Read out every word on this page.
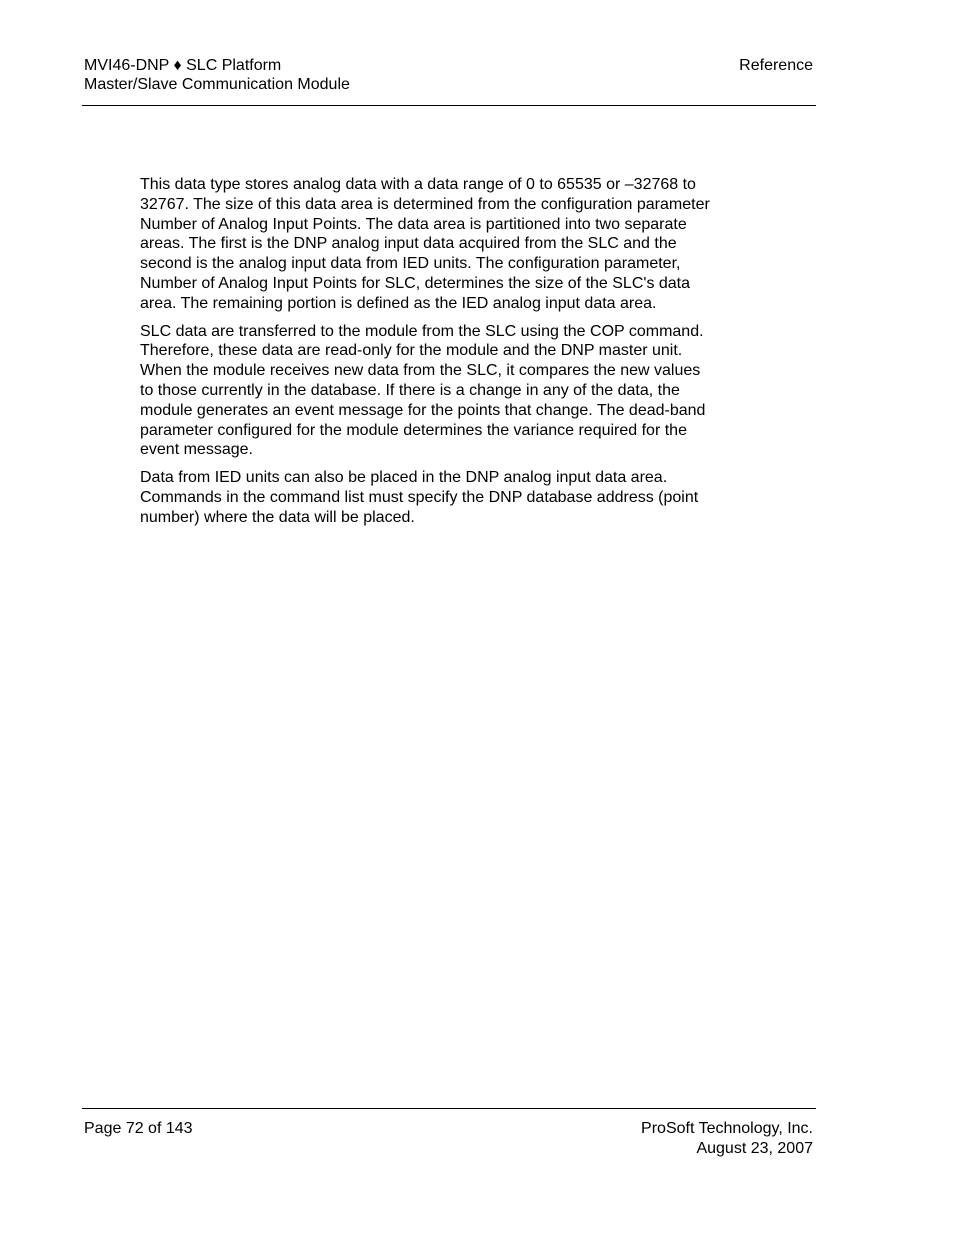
MVI46-DNP ♦ SLC Platform
Master/Slave Communication Module
Reference

This data type stores analog data with a data range of 0 to 65535 or –32768 to
32767. The size of this data area is determined from the configuration parameter
Number of Analog Input Points. The data area is partitioned into two separate
areas. The first is the DNP analog input data acquired from the SLC and the
second is the analog input data from IED units. The configuration parameter,
Number of Analog Input Points for SLC, determines the size of the SLC's data
area. The remaining portion is defined as the IED analog input data area.

SLC data are transferred to the module from the SLC using the COP command.
Therefore, these data are read-only for the module and the DNP master unit.
When the module receives new data from the SLC, it compares the new values
to those currently in the database. If there is a change in any of the data, the
module generates an event message for the points that change. The dead-band
parameter configured for the module determines the variance required for the
event message.

Data from IED units can also be placed in the DNP analog input data area.
Commands in the command list must specify the DNP database address (point
number) where the data will be placed.

Page 72 of 143	ProSoft Technology, Inc.
August 23, 2007
